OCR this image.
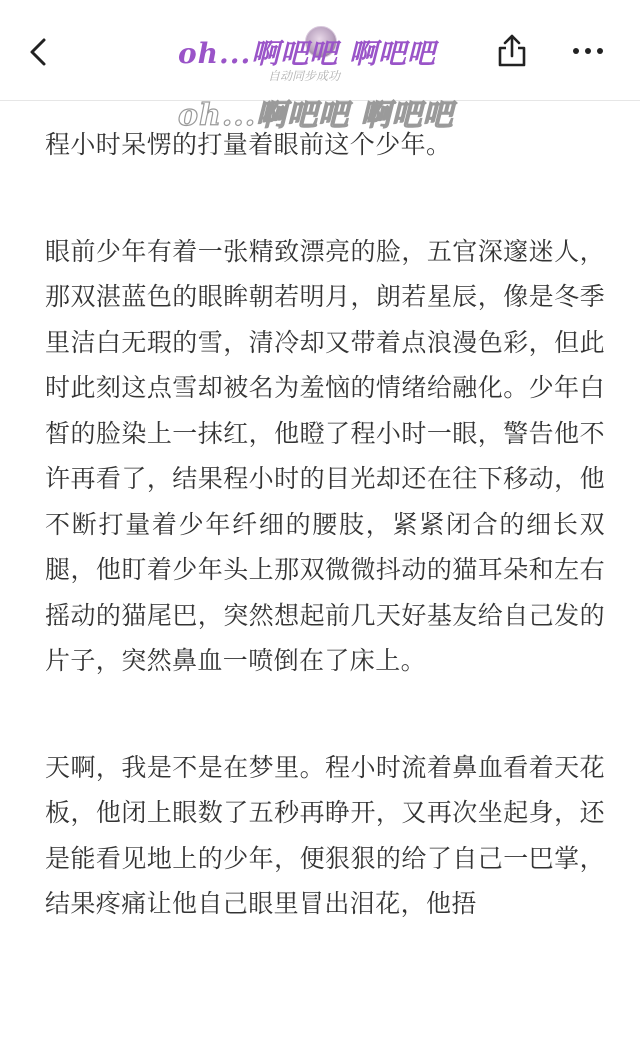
oh...啊吧吧 啊吧吧
自动同步成功
oh...啊吧吧 啊吧吧

程小时呆愣的打量着眼前这个少年。

眼前少年有着一张精致漂亮的脸，五官深邃迷人，那双湛蓝色的眼眸朝若明月，朗若星辰，像是冬季里洁白无瑕的雪，清冷却又带着点浪漫色彩，但此时此刻这点雪却被名为羞恼的情绪给融化。少年白皙的脸染上一抹红，他瞪了程小时一眼，警告他不许再看了，结果程小时的目光却还在往下移动，他不断打量着少年纤细的腰肢，紧紧闭合的细长双腿，他盯着少年头上那双微微抖动的猫耳朵和左右摇动的猫尾巴，突然想起前几天好基友给自己发的片子，突然鼻血一喷倒在了床上。

天啊，我是不是在梦里。程小时流着鼻血看着天花板，他闭上眼数了五秒再睁开，又再次坐起身，还是能看见地上的少年，便狠狠的给了自己一巴掌，结果疼痛让他自己眼里冒出泪花，他捂
